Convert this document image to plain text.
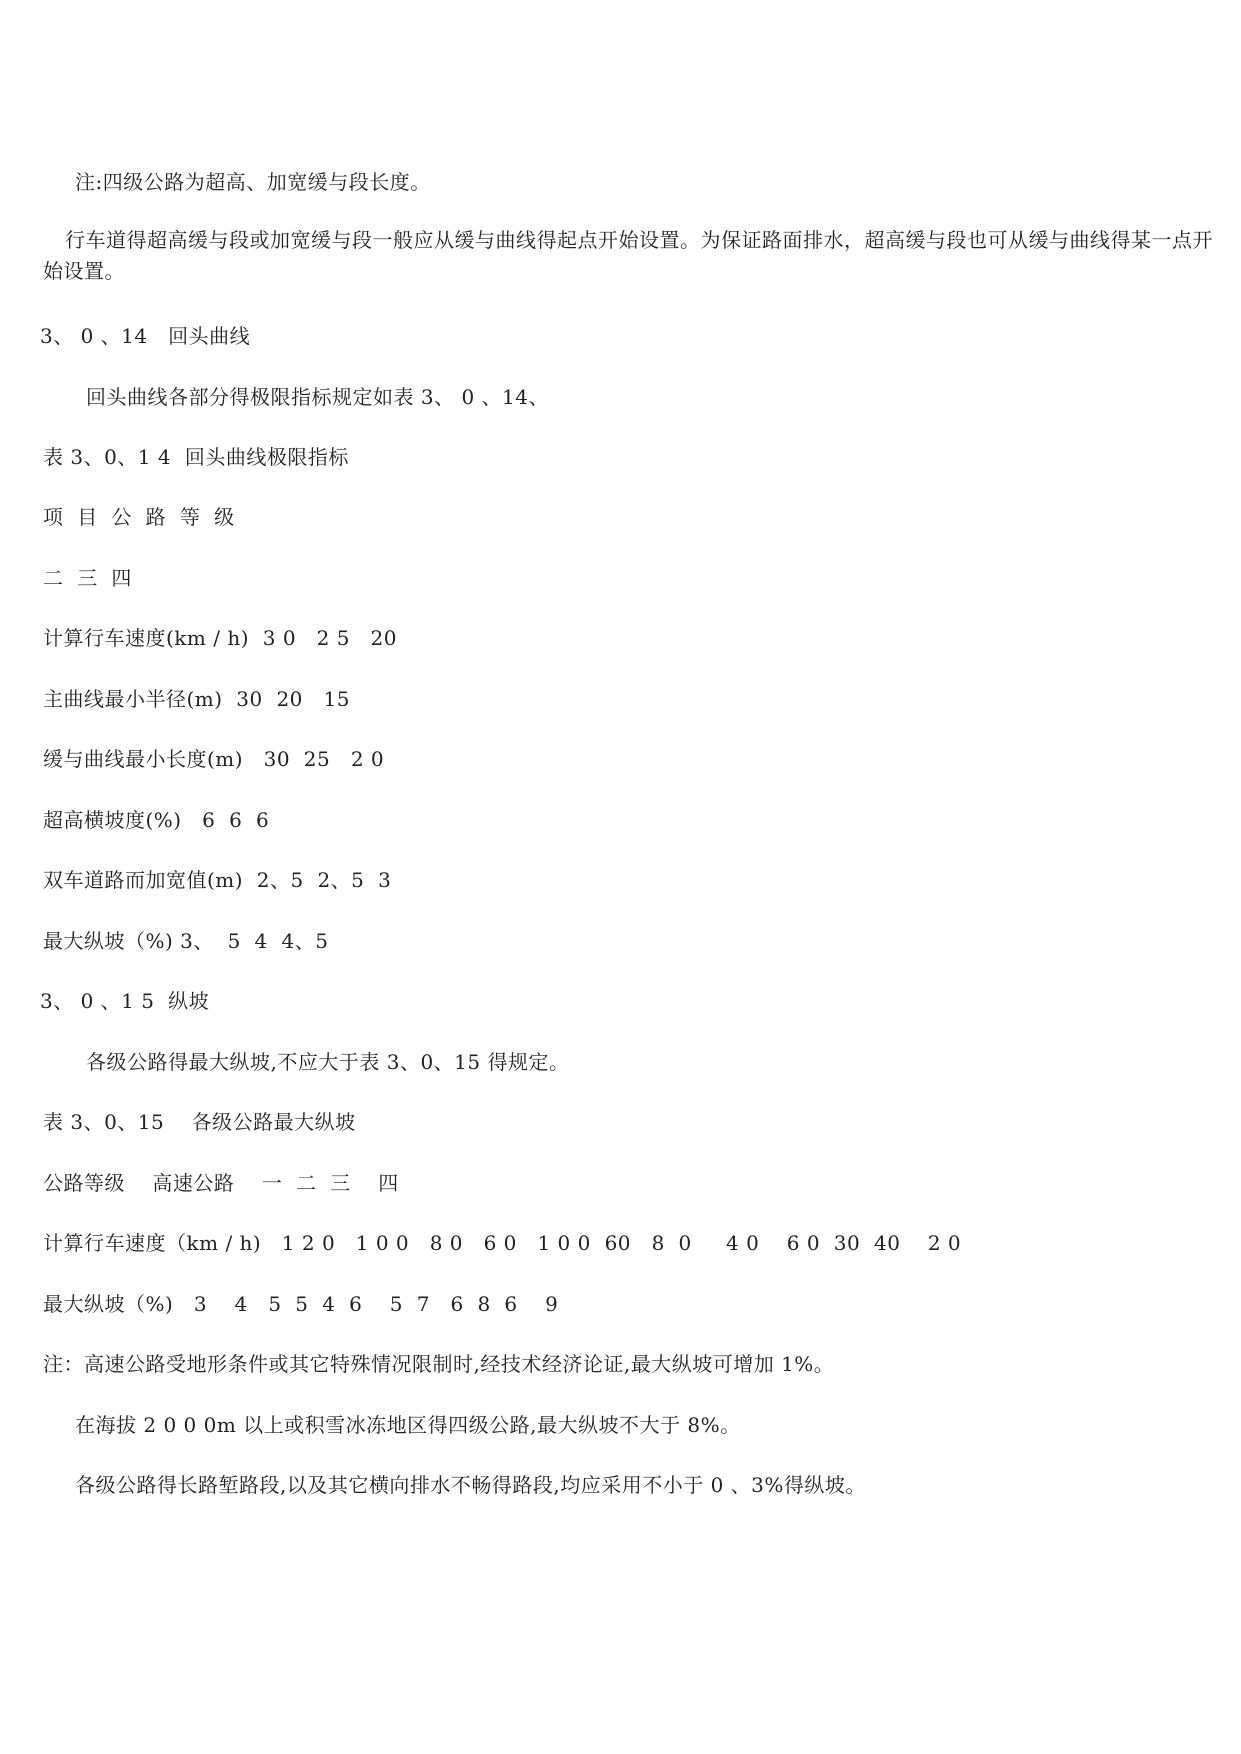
注:四级公路为超高、加宽缓与段长度。
行车道得超高缓与段或加宽缓与段一般应从缓与曲线得起点开始设置。为保证路面排水，超高缓与段也可从缓与曲线得某一点开始设置。
3、 0 、14   回头曲线
回头曲线各部分得极限指标规定如表 3、 0 、14、
表 3、0、1 4  回头曲线极限指标
项  目  公  路  等  级
二  三  四
计算行车速度(km / h)  3 0   2 5   20
主曲线最小半径(m)  30  20   15
缓与曲线最小长度(m)   30  25   2 0
超高横坡度(%)   6  6  6
双车道路而加宽值(m)  2、5  2、5  3
最大纵坡（%) 3、  5  4  4、5
3、 0 、1 5  纵坡
各级公路得最大纵坡,不应大于表 3、0、15 得规定。
表 3、0、15    各级公路最大纵坡
公路等级    高速公路    一  二  三    四
计算行车速度（km / h)   1 2 0   1 0 0   8 0   6 0   1 0 0  60   8  0     4 0    6 0  30  40    2 0
最大纵坡（%)   3    4   5  5  4  6    5  7   6  8  6    9
注：高速公路受地形条件或其它特殊情况限制时,经技术经济论证,最大纵坡可增加 1%。
在海拔 2 0 0 0m 以上或积雪冰冻地区得四级公路,最大纵坡不大于 8%。
各级公路得长路堑路段,以及其它横向排水不畅得路段,均应采用不小于 0 、3%得纵坡。
